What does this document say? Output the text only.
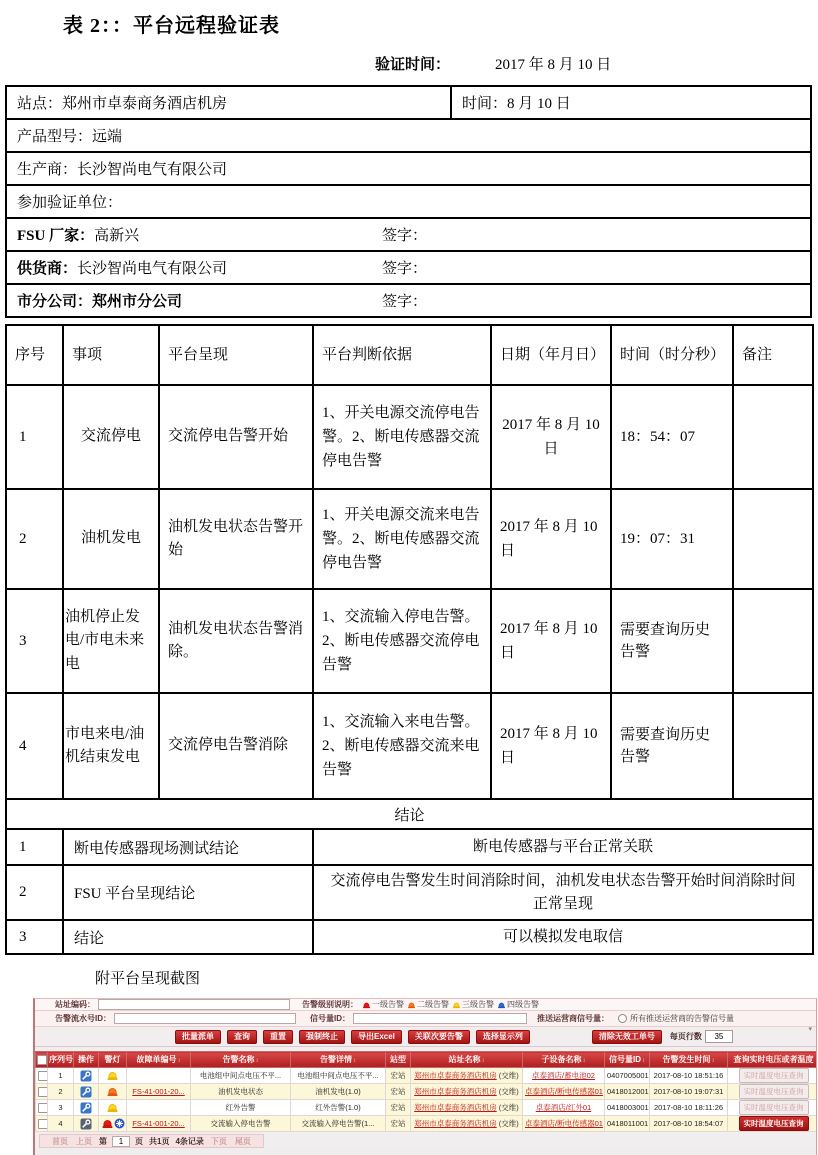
表 2：：平台远程验证表
验证时间：	2017 年 8 月 10 日
站点：郑州市卓泰商务酒店机房	时间：8 月 10 日
产品型号：远端
生产商：长沙智尚电气有限公司
参加验证单位：
FSU 厂家：高新兴	签字：
供货商：长沙智尚电气有限公司	签字：
市分公司：郑州市分公司	签字：
序号	事项	平台呈现	平台判断依据	日期（年月日）	时间（时分秒）	备注
1	交流停电	交流停电告警开始	1、开关电源交流停电告警。2、断电传感器交流停电告警	2017 年 8 月 10 日	18：54：07	
2	油机发电	油机发电状态告警开始	1、开关电源交流来电告警。2、断电传感器交流停电告警	2017 年 8 月 10 日	19：07：31	
3	油机停止发电/市电未来电	油机发电状态告警消除。	1、交流输入停电告警。2、断电传感器交流停电告警	2017 年 8 月 10 日	需要查询历史告警	
4	市电来电/油机结束发电	交流停电告警消除	1、交流输入来电告警。2、断电传感器交流来电告警	2017 年 8 月 10 日	需要查询历史告警	
结论						
1	断电传感器现场测试结论		断电传感器与平台正常关联			
2	FSU 平台呈现结论		交流停电告警发生时间消除时间，油机发电状态告警开始时间消除时间正常呈现			
3	结论		可以模拟发电取信			
附平台呈现截图
站址编码：	告警级别说明： 一级告警 二级告警 三级告警 四级告警
告警流水号ID：	信号量ID：	推送运营商信号量：	所有推送运营商的告警信号量
批量派单	查询	重置	强制终止	导出Excel	关联次要告警	选择显示列	清除无效工单号	每页行数
35
▾
	序列号	操作	警灯	故障单编号 ↕	告警名称 ↕	告警详情 ↕	站型	站址名称 ↕	子设备名称 ↕	信号量ID ↕	告警发生时间 ↕	查询实时电压或者温度
	1				电池组中间点电压不平...	电池组中间点电压不平...	宏站	郑州市卓泰商务酒店机房 (交维)	卓泰酒店/蓄电池02	0407005001	2017-08-10 18:51:16	实时温度电压查询
	2			FS-41-001-20...	油机发电状态	油机发电(1.0)	宏站	郑州市卓泰商务酒店机房 (交维)	卓泰酒店/断电传感器01	0418012001	2017-08-10 19:07:31	实时温度电压查询
	3				红外告警	红外告警(1.0)	宏站	郑州市卓泰商务酒店机房 (交维)	卓泰酒店/红外01	0418003001	2017-08-10 18:11:26	实时温度电压查询
	4			FS-41-001-20...	交流输入停电告警	交流输入停电告警(1...	宏站	郑州市卓泰商务酒店机房 (交维)	卓泰酒店/断电传感器01	0418011001	2017-08-10 18:54:07	实时温度电压查询
首页 上页 第
1	页 共1页 4条记录 下页 尾页
